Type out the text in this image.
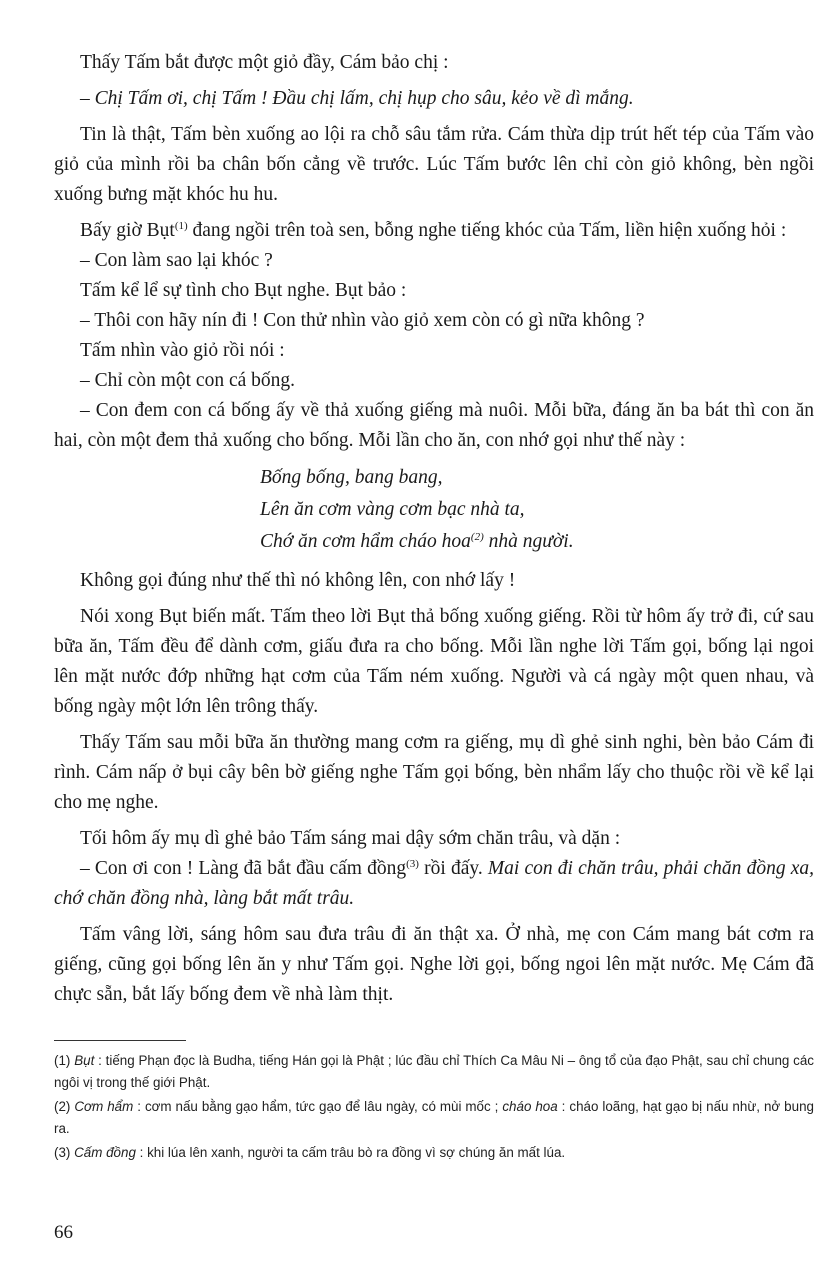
Thấy Tấm bắt được một giỏ đầy, Cám bảo chị :

– Chị Tấm ơi, chị Tấm ! Đầu chị lấm, chị hụp cho sâu, kẻo về dì mắng.

Tin là thật, Tấm bèn xuống ao lội ra chỗ sâu tắm rửa. Cám thừa dịp trút hết tép của Tấm vào giỏ của mình rồi ba chân bốn cẳng về trước. Lúc Tấm bước lên chỉ còn giỏ không, bèn ngồi xuống bưng mặt khóc hu hu.

Bấy giờ Bụt$^{(1)}$ đang ngồi trên toà sen, bỗng nghe tiếng khóc của Tấm, liền hiện xuống hỏi :

– Con làm sao lại khóc ?

Tấm kể lể sự tình cho Bụt nghe. Bụt bảo :

– Thôi con hãy nín đi ! Con thử nhìn vào giỏ xem còn có gì nữa không ?

Tấm nhìn vào giỏ rồi nói :

– Chỉ còn một con cá bống.

– Con đem con cá bống ấy về thả xuống giếng mà nuôi. Mỗi bữa, đáng ăn ba bát thì con ăn hai, còn một đem thả xuống cho bống. Mỗi lần cho ăn, con nhớ gọi như thế này :

Bống bống, bang bang,
Lên ăn cơm vàng cơm bạc nhà ta,
Chớ ăn cơm hẩm cháo hoa$^{(2)}$ nhà người.

Không gọi đúng như thế thì nó không lên, con nhớ lấy !

Nói xong Bụt biến mất. Tấm theo lời Bụt thả bống xuống giếng. Rồi từ hôm ấy trở đi, cứ sau bữa ăn, Tấm đều để dành cơm, giấu đưa ra cho bống. Mỗi lần nghe lời Tấm gọi, bống lại ngoi lên mặt nước đớp những hạt cơm của Tấm ném xuống. Người và cá ngày một quen nhau, và bống ngày một lớn lên trông thấy.

Thấy Tấm sau mỗi bữa ăn thường mang cơm ra giếng, mụ dì ghẻ sinh nghi, bèn bảo Cám đi rình. Cám nấp ở bụi cây bên bờ giếng nghe Tấm gọi bống, bèn nhẩm lấy cho thuộc rồi về kể lại cho mẹ nghe.

Tối hôm ấy mụ dì ghẻ bảo Tấm sáng mai dậy sớm chăn trâu, và dặn :

– Con ơi con ! Làng đã bắt đầu cấm đồng$^{(3)}$ rồi đấy. Mai con đi chăn trâu, phải chăn đồng xa, chớ chăn đồng nhà, làng bắt mất trâu.

Tấm vâng lời, sáng hôm sau đưa trâu đi ăn thật xa. Ở nhà, mẹ con Cám mang bát cơm ra giếng, cũng gọi bống lên ăn y như Tấm gọi. Nghe lời gọi, bống ngoi lên mặt nước. Mẹ Cám đã chực sẵn, bắt lấy bống đem về nhà làm thịt.

(1) Bụt : tiếng Phạn đọc là Budha, tiếng Hán gọi là Phật ; lúc đầu chỉ Thích Ca Mâu Ni – ông tổ của đạo Phật, sau chỉ chung các ngôi vị trong thế giới Phật.

(2) Cơm hẩm : cơm nấu bằng gạo hẩm, tức gạo để lâu ngày, có mùi mốc ; cháo hoa : cháo loãng, hạt gạo bị nấu nhừ, nở bung ra.

(3) Cấm đồng : khi lúa lên xanh, người ta cấm trâu bò ra đồng vì sợ chúng ăn mất lúa.

66
